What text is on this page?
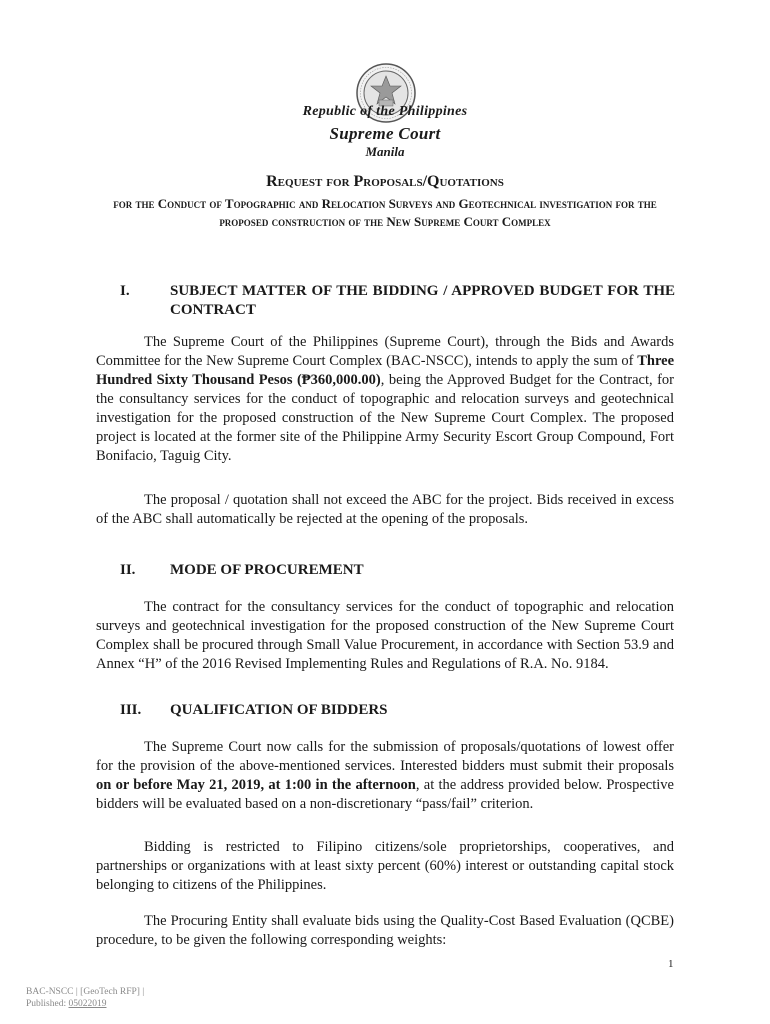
Republic of the Philippines
Supreme Court
Manila
Request for Proposals/Quotations
for the Conduct of Topographic and Relocation Surveys and Geotechnical investigation for the proposed construction of the New Supreme Court Complex
I.	SUBJECT MATTER OF THE BIDDING / APPROVED BUDGET FOR THE CONTRACT

The Supreme Court of the Philippines (Supreme Court), through the Bids and Awards Committee for the New Supreme Court Complex (BAC-NSCC), intends to apply the sum of Three Hundred Sixty Thousand Pesos (₱360,000.00), being the Approved Budget for the Contract, for the consultancy services for the conduct of topographic and relocation surveys and geotechnical investigation for the proposed construction of the New Supreme Court Complex. The proposed project is located at the former site of the Philippine Army Security Escort Group Compound, Fort Bonifacio, Taguig City.

The proposal / quotation shall not exceed the ABC for the project. Bids received in excess of the ABC shall automatically be rejected at the opening of the proposals.

II.	MODE OF PROCUREMENT

The contract for the consultancy services for the conduct of topographic and relocation surveys and geotechnical investigation for the proposed construction of the New Supreme Court Complex shall be procured through Small Value Procurement, in accordance with Section 53.9 and Annex “H” of the 2016 Revised Implementing Rules and Regulations of R.A. No. 9184.

III.	QUALIFICATION OF BIDDERS

The Supreme Court now calls for the submission of proposals/quotations of lowest offer for the provision of the above-mentioned services. Interested bidders must submit their proposals on or before May 21, 2019, at 1:00 in the afternoon, at the address provided below. Prospective bidders will be evaluated based on a non-discretionary “pass/fail” criterion.

Bidding is restricted to Filipino citizens/sole proprietorships, cooperatives, and partnerships or organizations with at least sixty percent (60%) interest or outstanding capital stock belonging to citizens of the Philippines.

The Procuring Entity shall evaluate bids using the Quality-Cost Based Evaluation (QCBE) procedure, to be given the following corresponding weights:

1
BAC-NSCC | [GeoTech RFP] |
Published: 05022019
